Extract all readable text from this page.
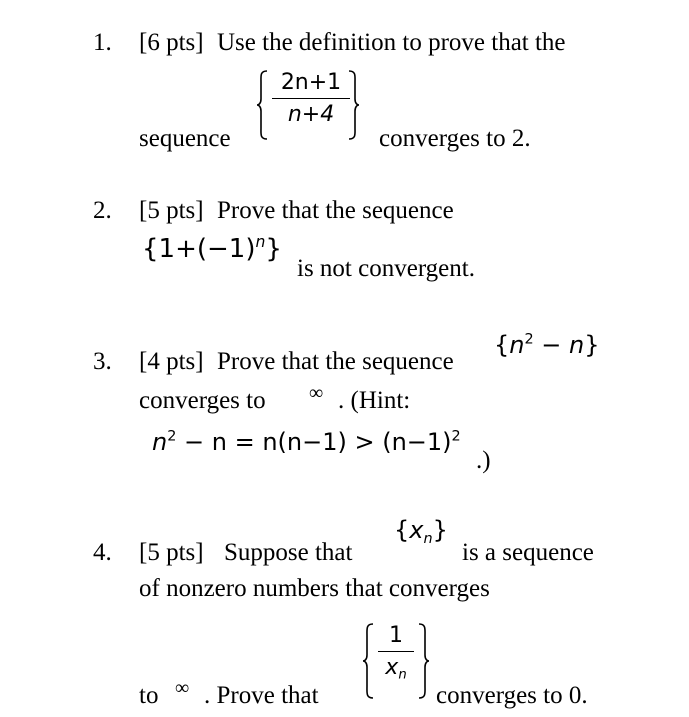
1. [6 pts] Use the definition to prove that the
2n+1
n+4
sequence	converges to 2.
2. [5 pts] Prove that the sequence
$\{1+(-1)^n\}$
is not convergent.
3. [4 pts] Prove that the sequence
$\{n^2 - n\}$
converges to ∞ . (Hint:
$n^2 - n = n(n-1) > (n-1)^2$
.)
4. [5 pts] Suppose that
$\{x_n\}$
is a sequence
of nonzero numbers that converges
1
$x_n$
to ∞ . Prove that	converges to 0.
